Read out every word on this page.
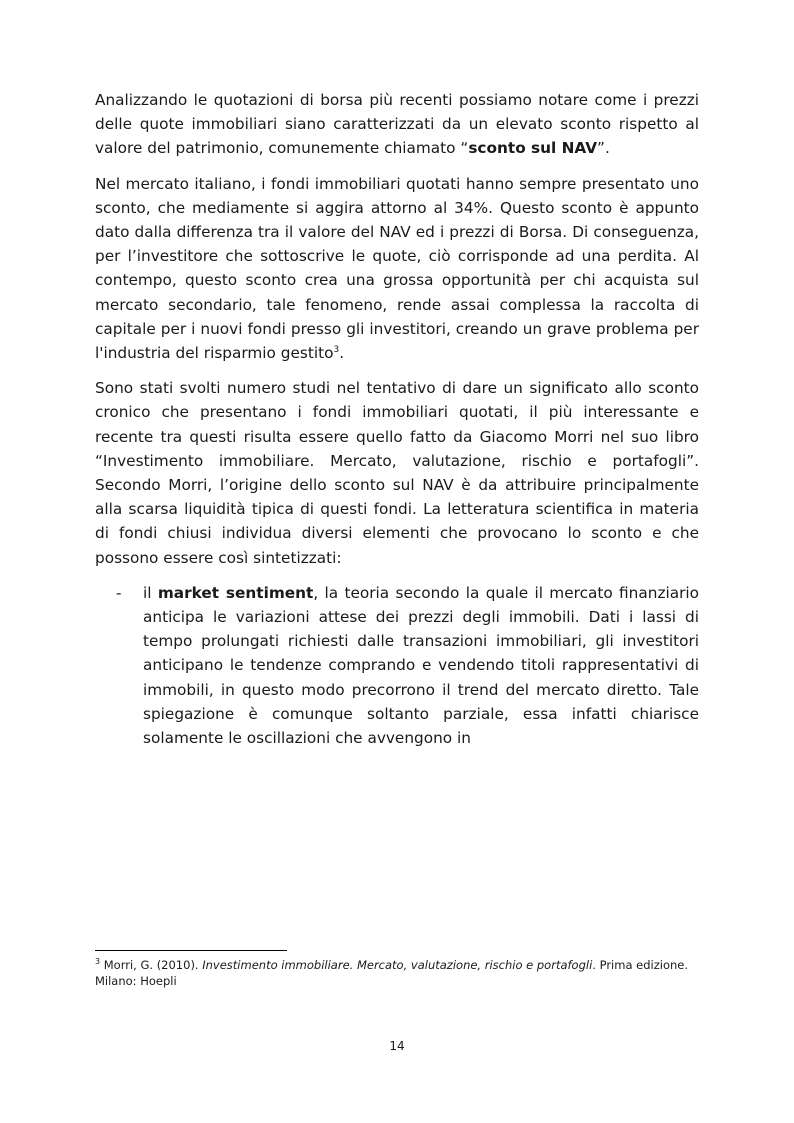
Analizzando le quotazioni di borsa più recenti possiamo notare come i prezzi delle quote immobiliari siano caratterizzati da un elevato sconto rispetto al valore del patrimonio, comunemente chiamato “sconto sul NAV”.

Nel mercato italiano, i fondi immobiliari quotati hanno sempre presentato uno sconto, che mediamente si aggira attorno al 34%. Questo sconto è appunto dato dalla differenza tra il valore del NAV ed i prezzi di Borsa. Di conseguenza, per l’investitore che sottoscrive le quote, ciò corrisponde ad una perdita. Al contempo, questo sconto crea una grossa opportunità per chi acquista sul mercato secondario, tale fenomeno, rende assai complessa la raccolta di capitale per i nuovi fondi presso gli investitori, creando un grave problema per l'industria del risparmio gestito$^3$.

Sono stati svolti numero studi nel tentativo di dare un significato allo sconto cronico che presentano i fondi immobiliari quotati, il più interessante e recente tra questi risulta essere quello fatto da Giacomo Morri nel suo libro “Investimento immobiliare. Mercato, valutazione, rischio e portafogli”. Secondo Morri, l’origine dello sconto sul NAV è da attribuire principalmente alla scarsa liquidità tipica di questi fondi. La letteratura scientifica in materia di fondi chiusi individua diversi elementi che provocano lo sconto e che possono essere così sintetizzati:

- il market sentiment, la teoria secondo la quale il mercato finanziario anticipa le variazioni attese dei prezzi degli immobili. Dati i lassi di tempo prolungati richiesti dalle transazioni immobiliari, gli investitori anticipano le tendenze comprando e vendendo titoli rappresentativi di immobili, in questo modo precorrono il trend del mercato diretto. Tale spiegazione è comunque soltanto parziale, essa infatti chiarisce solamente le oscillazioni che avvengono in
$^3$ Morri, G. (2010). Investimento immobiliare. Mercato, valutazione, rischio e portafogli. Prima edizione. Milano: Hoepli
14
